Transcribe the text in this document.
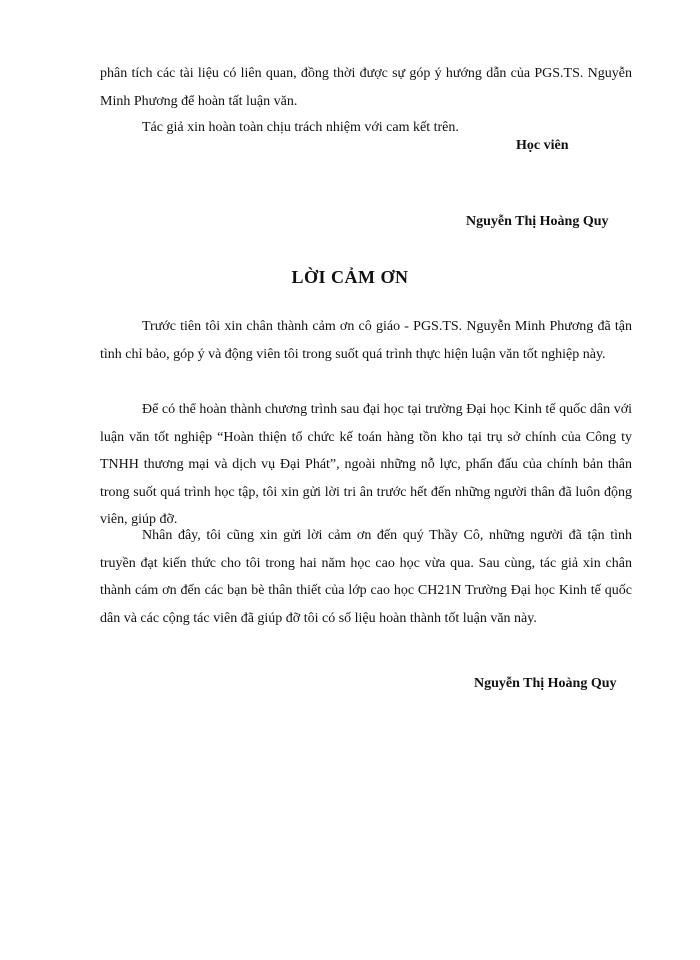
phân tích các tài liệu có liên quan, đồng thời được sự góp ý hướng dẫn của PGS.TS. Nguyễn Minh Phương để hoàn tất luận văn.

Tác giả xin hoàn toàn chịu trách nhiệm với cam kết trên.

Học viên

Nguyễn Thị Hoàng Quy

LỜI CẢM ƠN

Trước tiên tôi xin chân thành cảm ơn cô giáo - PGS.TS. Nguyễn Minh Phương đã tận tình chỉ bảo, góp ý và động viên tôi trong suốt quá trình thực hiện luận văn tốt nghiệp này.

Để có thể hoàn thành chương trình sau đại học tại trường Đại học Kinh tế quốc dân với luận văn tốt nghiệp “Hoàn thiện tổ chức kế toán hàng tồn kho tại trụ sở chính của Công ty TNHH thương mại và dịch vụ Đại Phát”, ngoài những nỗ lực, phấn đấu của chính bản thân trong suốt quá trình học tập, tôi xin gửi lời tri ân trước hết đến những người thân đã luôn động viên, giúp đỡ.

Nhân đây, tôi cũng xin gửi lời cảm ơn đến quý Thầy Cô, những người đã tận tình truyền đạt kiến thức cho tôi trong hai năm học cao học vừa qua. Sau cùng, tác giả xin chân thành cám ơn đến các bạn bè thân thiết của lớp cao học CH21N Trường Đại học Kinh tế quốc dân và các cộng tác viên đã giúp đỡ tôi có số liệu hoàn thành tốt luận văn này.

Nguyễn Thị Hoàng Quy
